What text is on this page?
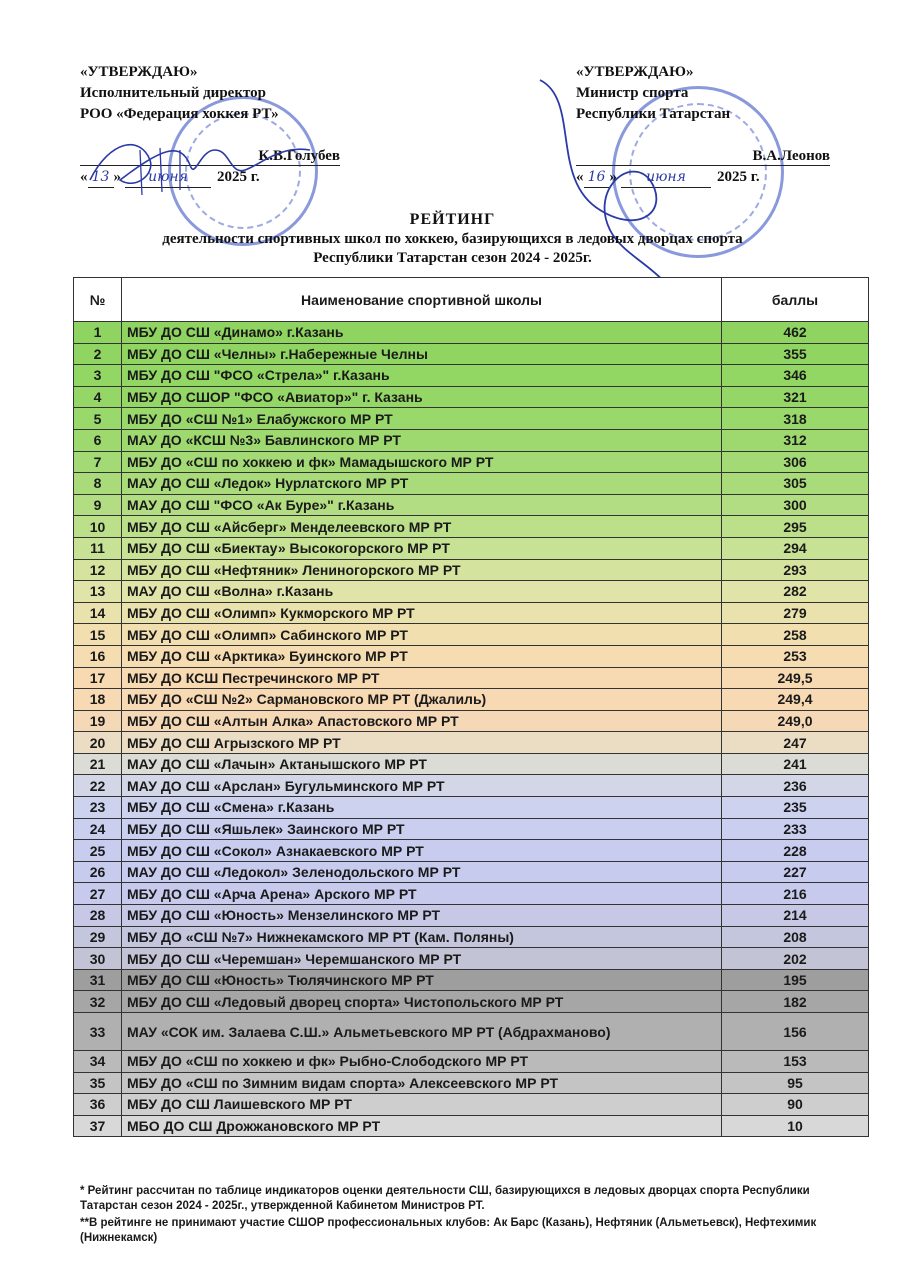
«УТВЕРЖДАЮ»
Исполнительный директор
РОО «Федерация хоккея РТ»
К.В.Голубев
« 13 »	июня	2025 г.
«УТВЕРЖДАЮ»
Министр спорта
Республики Татарстан
В.А.Леонов
« 16 »	июня	2025 г.
РЕЙТИНГ
деятельности спортивных школ по хоккею, базирующихся в ледовых дворцах спорта
Республики Татарстан сезон 2024 - 2025г.
№	Наименование спортивной школы	баллы
1	МБУ ДО СШ «Динамо» г.Казань	462
2	МБУ ДО СШ «Челны» г.Набережные Челны	355
3	МБУ ДО СШ "ФСО «Стрела»" г.Казань	346
4	МБУ ДО СШОР "ФСО «Авиатор»" г. Казань	321
5	МБУ ДО «СШ №1» Елабужского МР РТ	318
6	МАУ ДО «КСШ №3» Бавлинского МР РТ	312
7	МБУ ДО «СШ по хоккею и фк» Мамадышского МР РТ	306
8	МАУ ДО СШ «Ледок» Нурлатского МР РТ	305
9	МАУ ДО СШ "ФСО «Ак Буре»" г.Казань	300
10	МБУ ДО СШ «Айсберг» Менделеевского МР РТ	295
11	МБУ ДО СШ «Биектау» Высокогорского МР РТ	294
12	МБУ ДО СШ «Нефтяник» Лениногорского МР РТ	293
13	МАУ ДО СШ «Волна» г.Казань	282
14	МБУ ДО СШ «Олимп» Кукморского МР РТ	279
15	МБУ ДО СШ «Олимп» Сабинского МР РТ	258
16	МБУ ДО СШ «Арктика» Буинского МР РТ	253
17	МБУ ДО КСШ Пестречинского МР РТ	249,5
18	МБУ ДО «СШ №2» Сармановского МР РТ (Джалиль)	249,4
19	МБУ ДО СШ «Алтын Алка» Апастовского МР РТ	249,0
20	МБУ ДО СШ Агрызского МР РТ	247
21	МАУ ДО СШ «Лачын» Актанышского МР РТ	241
22	МАУ ДО СШ «Арслан» Бугульминского МР РТ	236
23	МБУ ДО СШ «Смена» г.Казань	235
24	МБУ ДО СШ «Яшьлек» Заинского МР РТ	233
25	МБУ ДО СШ «Сокол» Азнакаевского МР РТ	228
26	МАУ ДО СШ «Ледокол» Зеленодольского МР РТ	227
27	МБУ ДО СШ «Арча Арена» Арского МР РТ	216
28	МБУ ДО СШ «Юность» Мензелинского МР РТ	214
29	МБУ ДО «СШ №7» Нижнекамского МР РТ (Кам. Поляны)	208
30	МБУ ДО СШ «Черемшан» Черемшанского МР РТ	202
31	МБУ ДО СШ «Юность» Тюлячинского МР РТ	195
32	МБУ ДО СШ «Ледовый дворец спорта» Чистопольского МР РТ	182
33	МАУ «СОК им. Залаева С.Ш.» Альметьевского МР РТ (Абдрахманово)	156
34	МБУ ДО «СШ по хоккею и фк» Рыбно-Слободского МР РТ	153
35	МБУ ДО «СШ по Зимним видам спорта» Алексеевского МР РТ	95
36	МБУ ДО СШ Лаишевского МР РТ	90
37	МБО ДО СШ Дрожжановского МР РТ	10

* Рейтинг рассчитан по таблице индикаторов оценки деятельности СШ, базирующихся в ледовых дворцах спорта Республики Татарстан сезон 2024 - 2025г., утвержденной Кабинетом Министров РТ.

**В рейтинге не принимают участие СШОР профессиональных клубов: Ак Барс (Казань), Нефтяник (Альметьевск), Нефтехимик (Нижнекамск)
